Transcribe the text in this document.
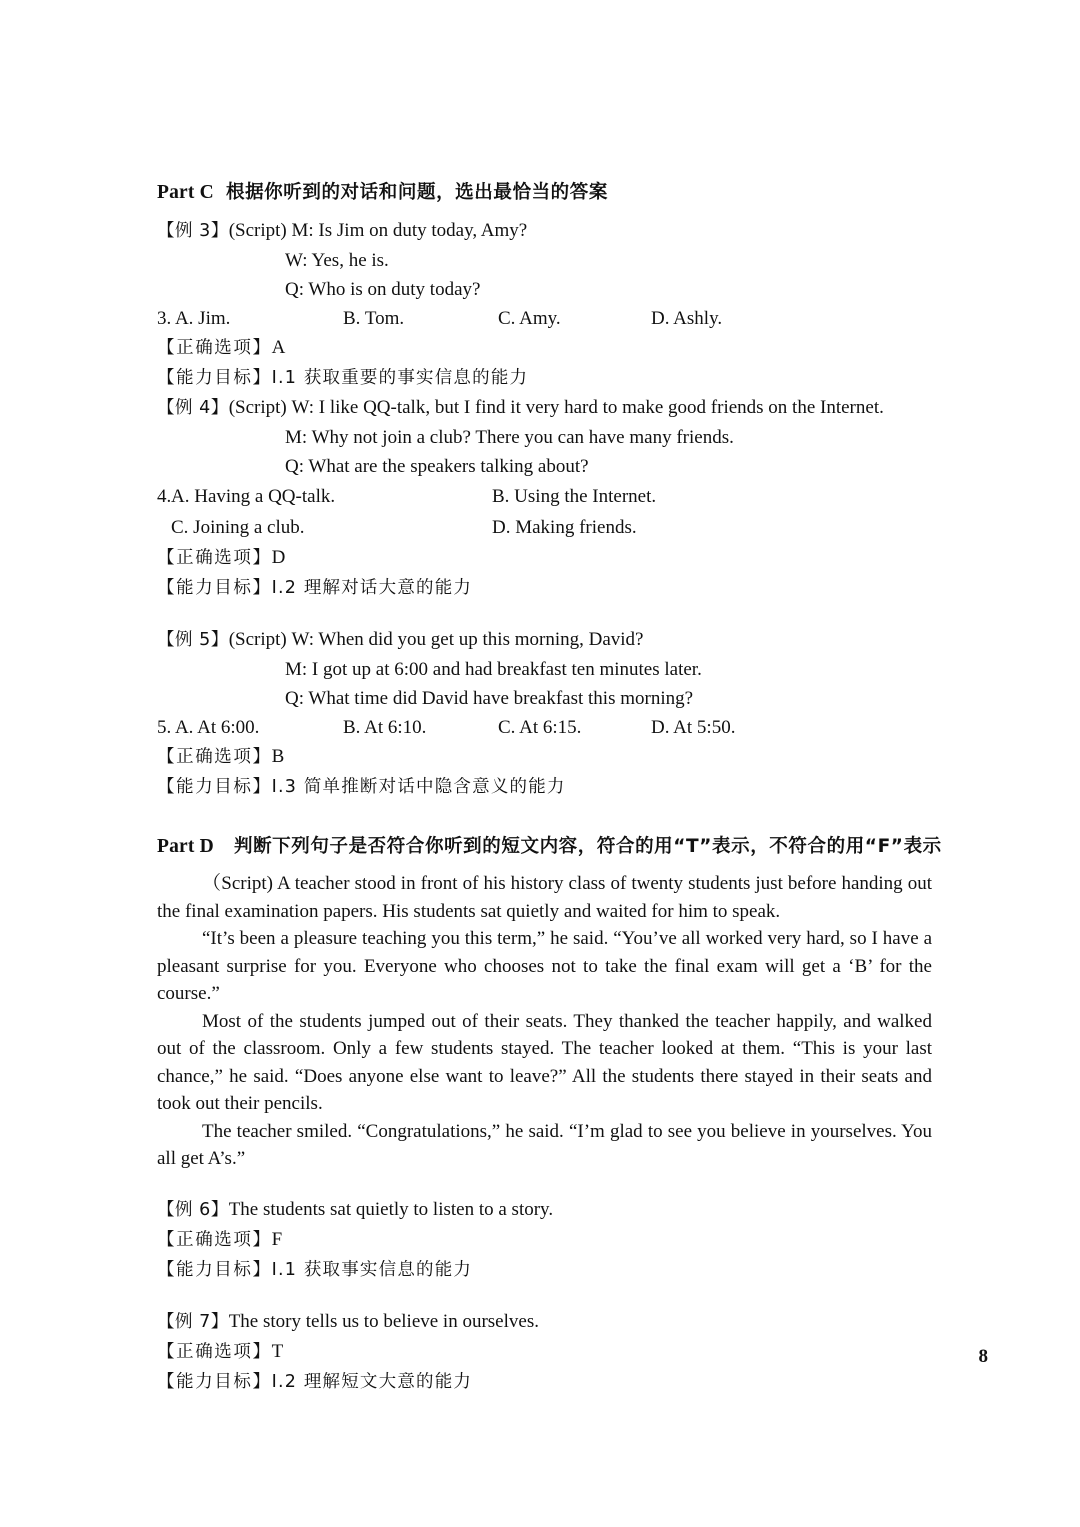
Part C 根据你听到的对话和问题，选出最恰当的答案
【例 3】(Script) M: Is Jim on duty today, Amy?
W: Yes, he is.
Q: Who is on duty today?
3. A. Jim.	B. Tom.	C. Amy.	D. Ashly.
【正确选项】A
【能力目标】I.1 获取重要的事实信息的能力
【例 4】(Script) W: I like QQ-talk, but I find it very hard to make good friends on the Internet.
M: Why not join a club? There you can have many friends.
Q: What are the speakers talking about?
4. A. Having a QQ-talk.	B. Using the Internet.
C. Joining a club.	D. Making friends.
【正确选项】D
【能力目标】I.2 理解对话大意的能力
【例 5】(Script) W: When did you get up this morning, David?
M: I got up at 6:00 and had breakfast ten minutes later.
Q: What time did David have breakfast this morning?
5. A. At 6:00.	B. At 6:10.	C. At 6:15.	D. At 5:50.
【正确选项】B
【能力目标】I.3 简单推断对话中隐含意义的能力
Part D 判断下列句子是否符合你听到的短文内容，符合的用“T”表示，不符合的用“F”表示
（Script) A teacher stood in front of his history class of twenty students just before handing out the final examination papers. His students sat quietly and waited for him to speak.
“It’s been a pleasure teaching you this term,” he said. “You’ve all worked very hard, so I have a pleasant surprise for you. Everyone who chooses not to take the final exam will get a ‘B’ for the course.”
Most of the students jumped out of their seats. They thanked the teacher happily, and walked out of the classroom. Only a few students stayed. The teacher looked at them. “This is your last chance,” he said. “Does anyone else want to leave?” All the students there stayed in their seats and took out their pencils.
The teacher smiled. “Congratulations,” he said. “I’m glad to see you believe in yourselves. You all get A’s.”
【例 6】The students sat quietly to listen to a story.
【正确选项】F
【能力目标】I.1 获取事实信息的能力
【例 7】The story tells us to believe in ourselves.
【正确选项】T
【能力目标】I.2 理解短文大意的能力
8
